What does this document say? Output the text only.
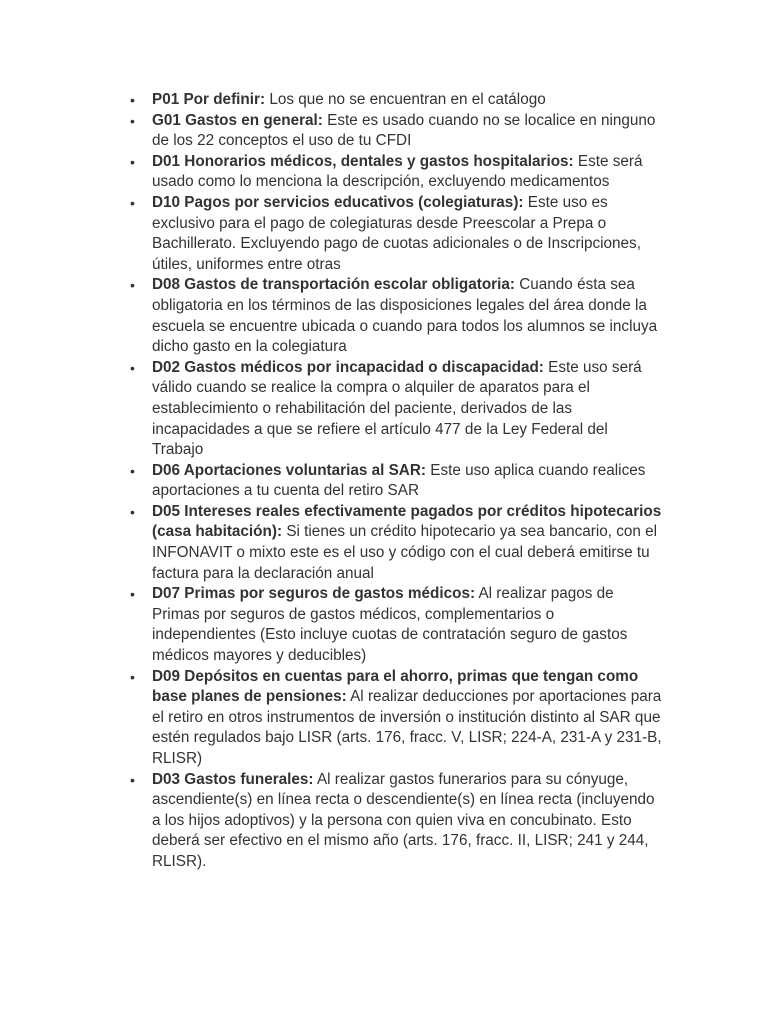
•	P01 Por definir: Los que no se encuentran en el catálogo
•	G01 Gastos en general: Este es usado cuando no se localice en ninguno de los 22 conceptos el uso de tu CFDI
•	D01 Honorarios médicos, dentales y gastos hospitalarios: Este será usado como lo menciona la descripción, excluyendo medicamentos
•	D10 Pagos por servicios educativos (colegiaturas): Este uso es exclusivo para el pago de colegiaturas desde Preescolar a Prepa o Bachillerato. Excluyendo pago de cuotas adicionales o de Inscripciones, útiles, uniformes entre otras
•	D08 Gastos de transportación escolar obligatoria: Cuando ésta sea obligatoria en los términos de las disposiciones legales del área donde la escuela se encuentre ubicada o cuando para todos los alumnos se incluya dicho gasto en la colegiatura
•	D02 Gastos médicos por incapacidad o discapacidad: Este uso será válido cuando se realice la compra o alquiler de aparatos para el establecimiento o rehabilitación del paciente, derivados de las incapacidades a que se refiere el artículo 477 de la Ley Federal del Trabajo
•	D06 Aportaciones voluntarias al SAR: Este uso aplica cuando realices aportaciones a tu cuenta del retiro SAR
•	D05 Intereses reales efectivamente pagados por créditos hipotecarios (casa habitación): Si tienes un crédito hipotecario ya sea bancario, con el INFONAVIT o mixto este es el uso y código con el cual deberá emitirse tu factura para la declaración anual
•	D07 Primas por seguros de gastos médicos: Al realizar pagos de Primas por seguros de gastos médicos, complementarios o independientes (Esto incluye cuotas de contratación seguro de gastos médicos mayores y deducibles)
•	D09 Depósitos en cuentas para el ahorro, primas que tengan como base planes de pensiones: Al realizar deducciones por aportaciones para el retiro en otros instrumentos de inversión o institución distinto al SAR que estén regulados bajo LISR (arts. 176, fracc. V, LISR; 224-A, 231-A y 231-B, RLISR)
•	D03 Gastos funerales: Al realizar gastos funerarios para su cónyuge, ascendiente(s) en línea recta o descendiente(s) en línea recta (incluyendo a los hijos adoptivos) y la persona con quien viva en concubinato. Esto deberá ser efectivo en el mismo año (arts. 176, fracc. II, LISR; 241 y 244, RLISR).
